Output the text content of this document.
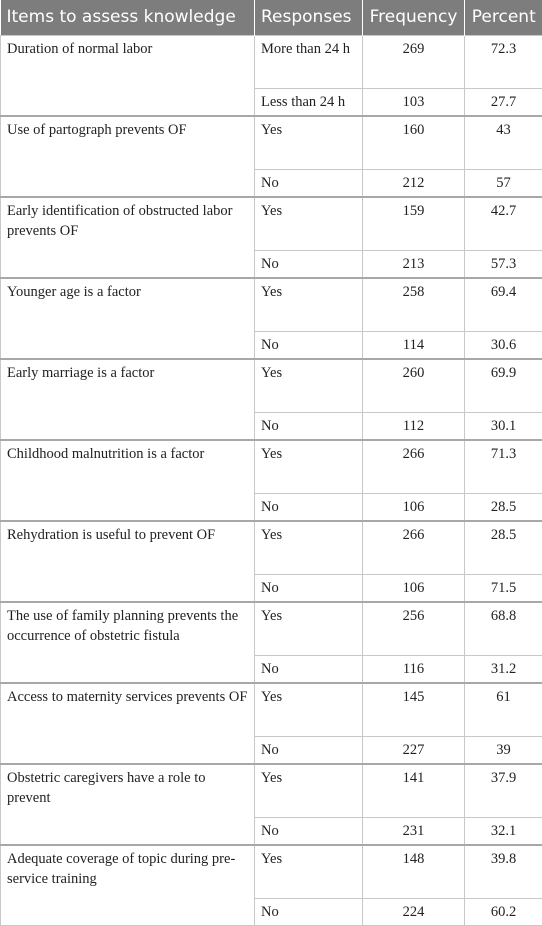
Items to assess knowledge	Responses	Frequency	Percent
Duration of normal labor	More than 24 h	269	72.3
	Less than 24 h	103	27.7
Use of partograph prevents OF	Yes	160	43
	No	212	57
Early identification of obstructed labor prevents OF	Yes	159	42.7
	No	213	57.3
Younger age is a factor	Yes	258	69.4
	No	114	30.6
Early marriage is a factor	Yes	260	69.9
	No	112	30.1
Childhood malnutrition is a factor	Yes	266	71.3
	No	106	28.5
Rehydration is useful to prevent OF	Yes	266	28.5
	No	106	71.5
The use of family planning prevents the occurrence of obstetric fistula	Yes	256	68.8
	No	116	31.2
Access to maternity services prevents OF	Yes	145	61
	No	227	39
Obstetric caregivers have a role to prevent	Yes	141	37.9
	No	231	32.1
Adequate coverage of topic during pre-service training	Yes	148	39.8
	No	224	60.2
